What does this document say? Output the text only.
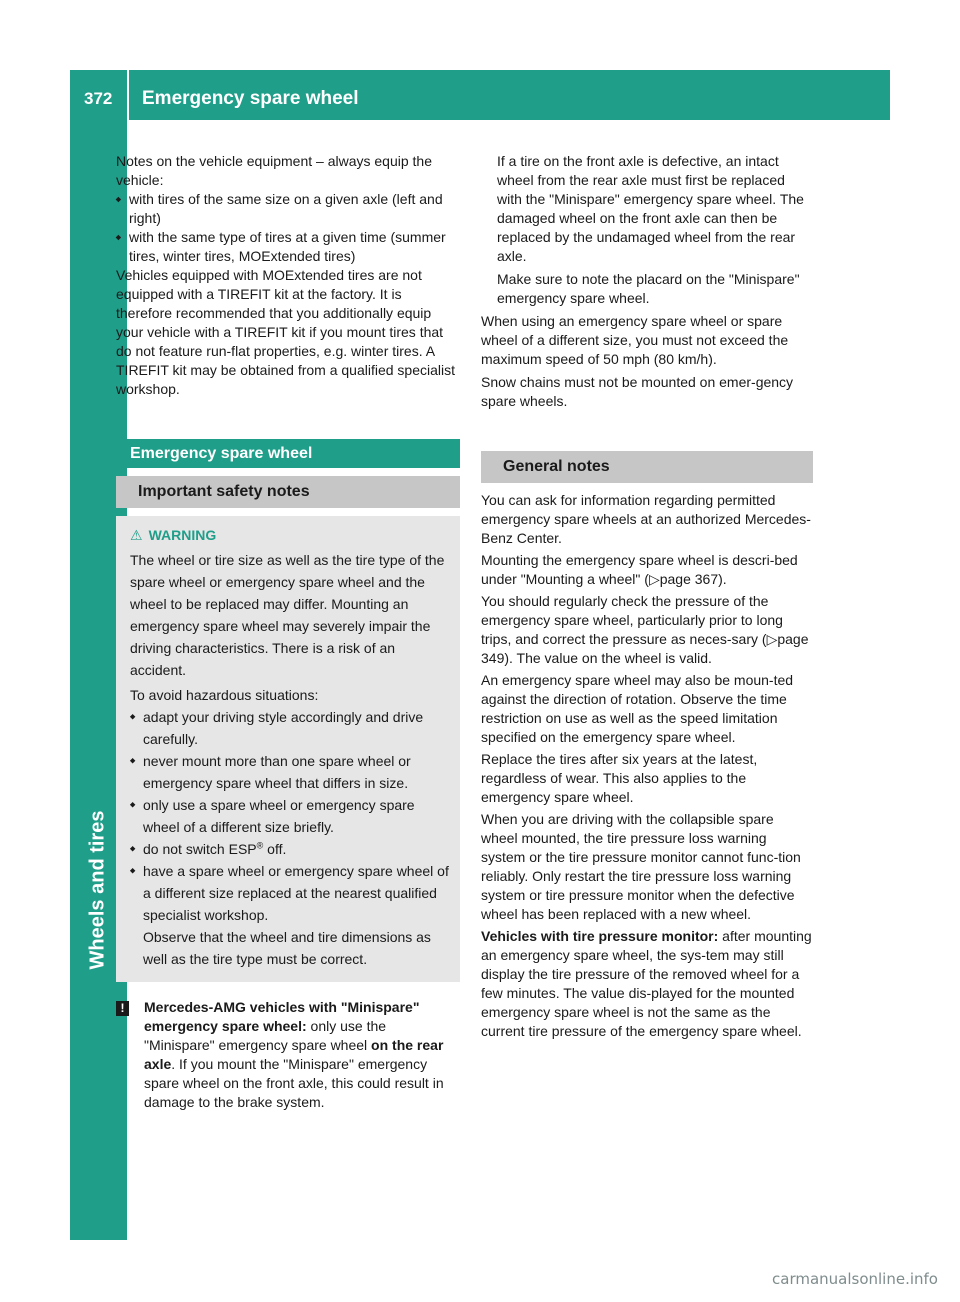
372 Emergency spare wheel
Wheels and tires

Notes on the vehicle equipment – always equip the vehicle:

■ with tires of the same size on a given axle (left and right)
■ with the same type of tires at a given time (summer tires, winter tires, MOExtended tires)

Vehicles equipped with MOExtended tires are not equipped with a TIREFIT kit at the factory. It is therefore recommended that you additionally equip your vehicle with a TIREFIT kit if you mount tires that do not feature run-flat properties, e.g. winter tires. A TIREFIT kit may be obtained from a qualified specialist workshop.

Emergency spare wheel
Important safety notes
⚠ WARNING

The wheel or tire size as well as the tire type of the spare wheel or emergency spare wheel and the wheel to be replaced may differ. Mounting an emergency spare wheel may severely impair the driving characteristics. There is a risk of an accident.

To avoid hazardous situations:

■ adapt your driving style accordingly and drive carefully.
■ never mount more than one spare wheel or emergency spare wheel that differs in size.
■ only use a spare wheel or emergency spare wheel of a different size briefly.
■ do not switch ESP® off.
■ have a spare wheel or emergency spare wheel of a different size replaced at the nearest qualified specialist workshop.
Observe that the wheel and tire dimensions as well as the tire type must be correct.
!	Mercedes-AMG vehicles with "Minispare" emergency spare wheel: only use the "Minispare" emergency spare wheel on the rear axle. If you mount the "Minispare" emergency spare wheel on the front axle, this could result in damage to the brake system.

If a tire on the front axle is defective, an intact wheel from the rear axle must first be replaced with the "Minispare" emergency spare wheel. The damaged wheel on the front axle can then be replaced by the undamaged wheel from the rear axle.

Make sure to note the placard on the "Minispare" emergency spare wheel.

When using an emergency spare wheel or spare wheel of a different size, you must not exceed the maximum speed of 50 mph (80 km/h).

Snow chains must not be mounted on emer-gency spare wheels.

General notes

You can ask for information regarding permitted emergency spare wheels at an authorized Mercedes-Benz Center.

Mounting the emergency spare wheel is descri-bed under "Mounting a wheel" (▷page 367).

You should regularly check the pressure of the emergency spare wheel, particularly prior to long trips, and correct the pressure as neces-sary (▷page 349). The value on the wheel is valid.

An emergency spare wheel may also be moun-ted against the direction of rotation. Observe the time restriction on use as well as the speed limitation specified on the emergency spare wheel.

Replace the tires after six years at the latest, regardless of wear. This also applies to the emergency spare wheel.

When you are driving with the collapsible spare wheel mounted, the tire pressure loss warning system or the tire pressure monitor cannot func-tion reliably. Only restart the tire pressure loss warning system or tire pressure monitor when the defective wheel has been replaced with a new wheel.

Vehicles with tire pressure monitor: after mounting an emergency spare wheel, the sys-tem may still display the tire pressure of the removed wheel for a few minutes. The value dis-played for the mounted emergency spare wheel is not the same as the current tire pressure of the emergency spare wheel.

carmanualsonline.info
